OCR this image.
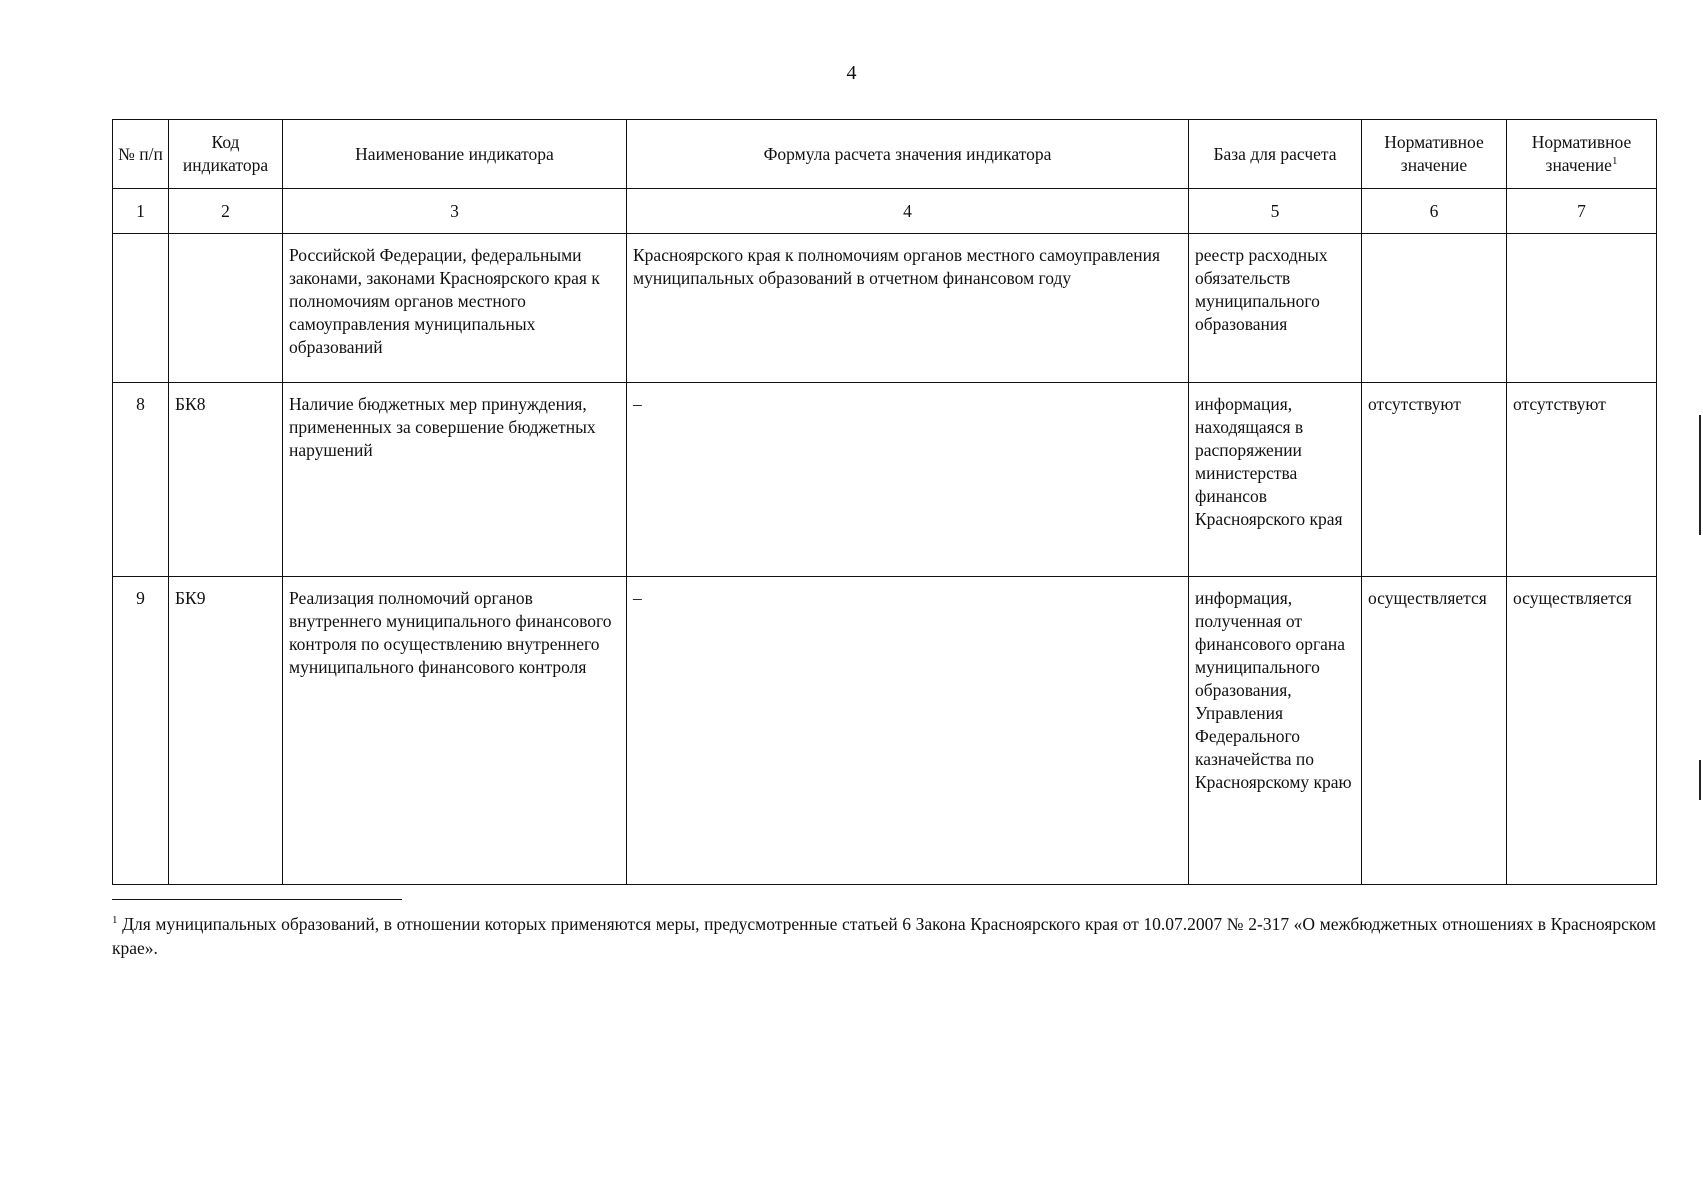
4
№ п/п	Код индикатора	Наименование индикатора	Формула расчета значения индикатора	База для расчета	Нормативное значение	Нормативное значение$^1$
1	2	3	4	5	6	7
		Российской Федерации, федеральными законами, законами Красноярского края к полномочиям органов местного самоуправления муниципальных образований	Красноярского края к полномочиям органов местного самоуправления муниципальных образований в отчетном финансовом году	реестр расходных обязательств муниципального образования		
8	БК8	Наличие бюджетных мер принуждения, примененных за совершение бюджетных нарушений	–	информация, находящаяся в распоряжении министерства финансов Красноярского края	отсутствуют	отсутствуют
9	БК9	Реализация полномочий органов внутреннего муниципального финансового контроля по осуществлению внутреннего муниципального финансового контроля	–	информация, полученная от финансового органа муниципального образования, Управления Федерального казначейства по Красноярскому краю	осуществляется	осуществляется
$^1$ Для муниципальных образований, в отношении которых применяются меры, предусмотренные статьей 6 Закона Красноярского края от 10.07.2007 № 2-317 «О межбюджетных отношениях в Красноярском крае».
